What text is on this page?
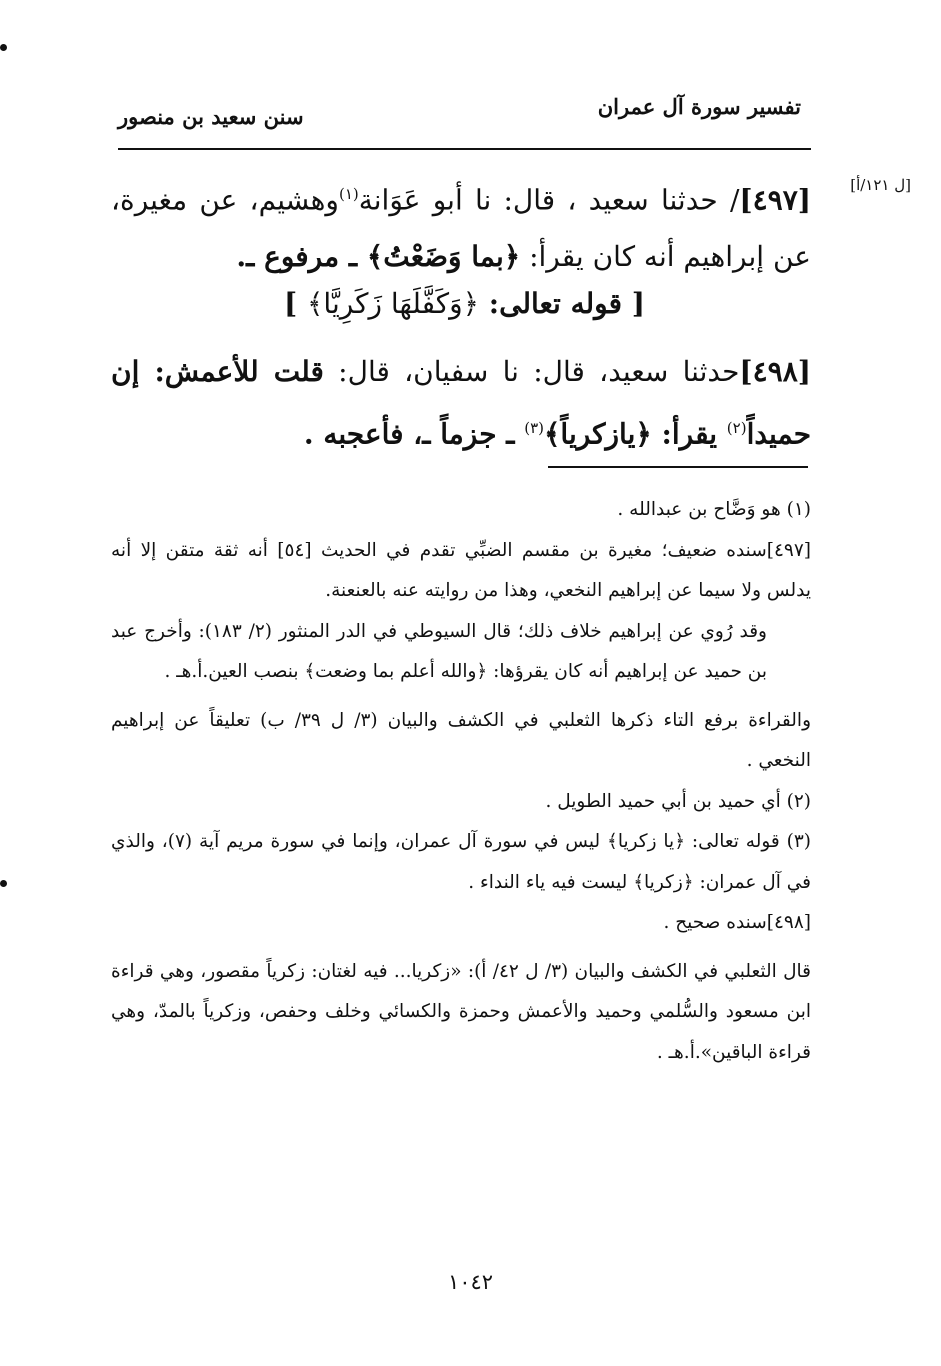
تفسير سورة آل عمران
سنن سعيد بن منصور
[ل ١٢١/أ]
[٤٩٧]/ حدثنا سعيد ، قال: نا أبو عَوَانة$^{(١)}$وهشيم، عن مغيرة، عن إبراهيم أنه كان يقرأ: ﴿بما وَضَعْتُ﴾ ـ مرفوع ـ.
[ قوله تعالى: ﴿وَكَفَّلَهَا زَكَرِيَّا﴾ ]
[٤٩٨]حدثنا سعيد، قال: نا سفيان، قال: قلت للأعمش: إن حميداً$^{(٢)}$ يقرأ: ﴿يازكرياً﴾$^{(٣)}$ ـ جزماً ـ، فأعجبه .

(١) هو وَضَّاح بن عبدالله .

[٤٩٧]سنده ضعيف؛ مغيرة بن مقسم الضبِّي تقدم في الحديث [٥٤] أنه ثقة متقن إلا أنه يدلس ولا سيما عن إبراهيم النخعي، وهذا من روايته عنه بالعنعنة.

وقد رُوي عن إبراهيم خلاف ذلك؛ قال السيوطي في الدر المنثور (٢/ ١٨٣): وأخرج عبد بن حميد عن إبراهيم أنه كان يقرؤها: ﴿والله أعلم بما وضعت﴾ بنصب العين.أ.هـ .

والقراءة برفع التاء ذكرها الثعلبي في الكشف والبيان (٣/ ل ٣٩/ ب) تعليقاً عن إبراهيم النخعي .

(٢) أي حميد بن أبي حميد الطويل .

(٣) قوله تعالى: ﴿يا زكريا﴾ ليس في سورة آل عمران، وإنما في سورة مريم آية (٧)، والذي في آل عمران: ﴿زكريا﴾ ليست فيه ياء النداء .

[٤٩٨]سنده صحيح .

قال الثعلبي في الكشف والبيان (٣/ ل ٤٢/ أ): «زكريا... فيه لغتان: زكرياً مقصور، وهي قراءة ابن مسعود والسُّلمي وحميد والأعمش وحمزة والكسائي وخلف وحفص، وزكرياً بالمدّ، وهي قراءة الباقين».أ.هـ .

١٠٤٢
